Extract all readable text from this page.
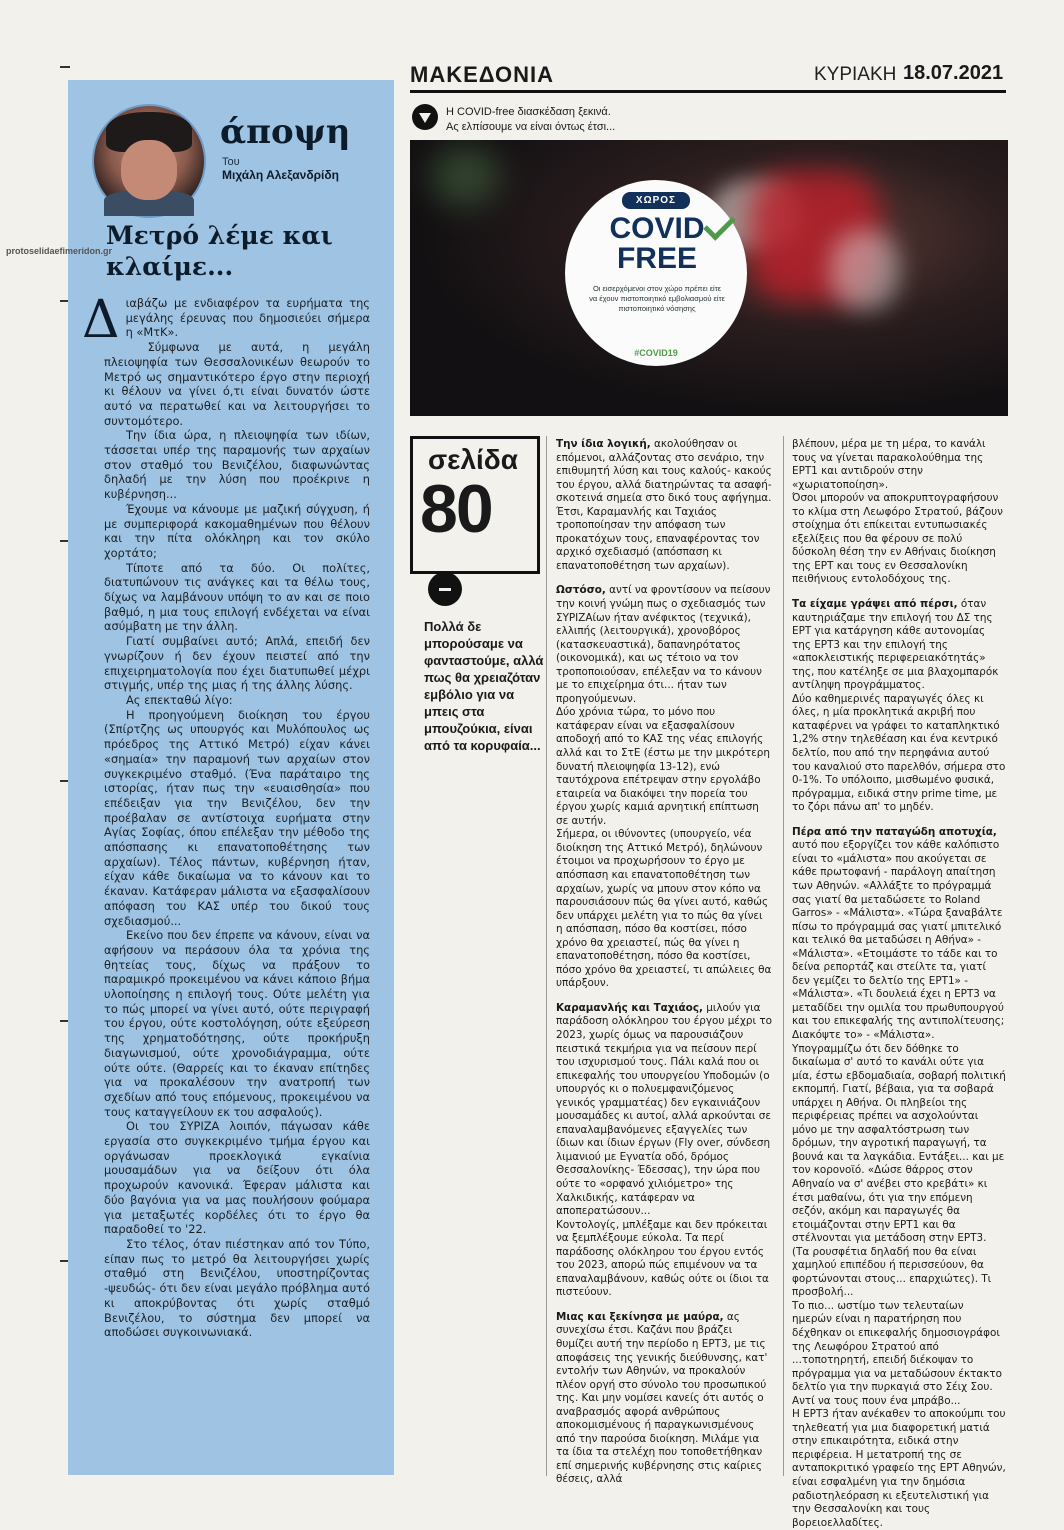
άποψη
Του
Μιχάλη Αλεξανδρίδη
protoselidaefimeridon.gr
Μετρό λέμε και κλαίμε...

Διαβάζω με ενδιαφέρον τα ευρήματα της μεγάλης έρευνας που δημοσιεύει σήμερα η «ΜτΚ».

Σύμφωνα με αυτά, η μεγάλη πλειοψηφία των Θεσσαλονικέων θεωρούν το Μετρό ως σημαντικότερο έργο στην περιοχή κι θέλουν να γίνει ό,τι είναι δυνατόν ώστε αυτό να περατωθεί και να λειτουργήσει το συντομότερο.

Την ίδια ώρα, η πλειοψηφία των ιδίων, τάσσεται υπέρ της παραμονής των αρχαίων στον σταθμό του Βενιζέλου, διαφωνώντας δηλαδή με την λύση που προέκρινε η κυβέρνηση...

Έχουμε να κάνουμε με μαζική σύγχυση, ή με συμπεριφορά κακομαθημένων που θέλουν και την πίτα ολόκληρη και τον σκύλο χορτάτο;

Τίποτε από τα δύο. Οι πολίτες, διατυπώνουν τις ανάγκες και τα θέλω τους, δίχως να λαμβάνουν υπόψη το αν και σε ποιο βαθμό, η μια τους επιλογή ενδέχεται να είναι ασύμβατη με την άλλη.

Γιατί συμβαίνει αυτό; Απλά, επειδή δεν γνωρίζουν ή δεν έχουν πειστεί από την επιχειρηματολογία που έχει διατυπωθεί μέχρι στιγμής, υπέρ της μιας ή της άλλης λύσης.

Ας επεκταθώ λίγο:

Η προηγούμενη διοίκηση του έργου (Σπίρτζης ως υπουργός και Μυλόπουλος ως πρόεδρος της Αττικό Μετρό) είχαν κάνει «σημαία» την παραμονή των αρχαίων στον συγκεκριμένο σταθμό. (Ένα παράταιρο της ιστορίας, ήταν πως την «ευαισθησία» που επέδειξαν για την Βενιζέλου, δεν την προέβαλαν σε αντίστοιχα ευρήματα στην Αγίας Σοφίας, όπου επέλεξαν την μέθοδο της απόσπασης κι επανατοποθέτησης των αρχαίων). Τέλος πάντων, κυβέρνηση ήταν, είχαν κάθε δικαίωμα να το κάνουν και το έκαναν. Κατάφεραν μάλιστα να εξασφαλίσουν απόφαση του ΚΑΣ υπέρ του δικού τους σχεδιασμού...

Εκείνο που δεν έπρεπε να κάνουν, είναι να αφήσουν να περάσουν όλα τα χρόνια της θητείας τους, δίχως να πράξουν το παραμικρό προκειμένου να κάνει κάποιο βήμα υλοποίησης η επιλογή τους. Ούτε μελέτη για το πώς μπορεί να γίνει αυτό, ούτε περιγραφή του έργου, ούτε κοστολόγηση, ούτε εξεύρεση της χρηματοδότησης, ούτε προκήρυξη διαγωνισμού, ούτε χρονοδιάγραμμα, ούτε ούτε ούτε. (Θαρρείς και το έκαναν επίτηδες για να προκαλέσουν την ανατροπή των σχεδίων από τους επόμενους, προκειμένου να τους καταγγείλουν εκ του ασφαλούς).

Οι του ΣΥΡΙΖΑ λοιπόν, πάγωσαν κάθε εργασία στο συγκεκριμένο τμήμα έργου και οργάνωσαν προεκλογικά εγκαίνια μουσαμάδων για να δείξουν ότι όλα προχωρούν κανονικά. Έφεραν μάλιστα και δύο βαγόνια για να μας πουλήσουν φούμαρα για μεταξωτές κορδέλες ότι το έργο θα παραδοθεί το '22.

Στο τέλος, όταν πιέστηκαν από τον Τύπο, είπαν πως το μετρό θα λειτουργήσει χωρίς σταθμό στη Βενιζέλου, υποστηρίζοντας -ψευδώς- ότι δεν είναι μεγάλο πρόβλημα αυτό κι αποκρύβοντας ότι χωρίς σταθμό Βενιζέλου, το σύστημα δεν μπορεί να αποδώσει συγκοινωνιακά.

ΜΑΚΕΔΟΝΙΑ	ΚΥΡΙΑΚΗ 18.07.2021
Η COVID-free διασκέδαση ξεκινά.
Ας ελπίσουμε να είναι όντως έτσι...
ΧΩΡΟΣ
COVID
FREE
Οι εισερχόμενοι στον χώρο πρέπει είτε να έχουν πιστοποιητικό εμβολιασμού είτε πιστοποιητικό νόσησης
#COVID19
σελίδα
80
Πολλά δε μπορούσαμε να φανταστούμε, αλλά πως θα χρειαζόταν εμβόλιο για να μπεις στα μπουζούκια, είναι από τα κορυφαία...

Την ίδια λογική, ακολούθησαν οι επόμενοι, αλλάζοντας στο σενάριο, την επιθυμητή λύση και τους καλούς- κακούς του έργου, αλλά διατηρώντας τα ασαφή- σκοτεινά σημεία στο δικό τους αφήγημα. Έτσι, Καραμανλής και Ταχιάος τροποποίησαν την απόφαση των προκατόχων τους, επαναφέροντας τον αρχικό σχεδιασμό (απόσπαση κι επανατοποθέτηση των αρχαίων).

Ωστόσο, αντί να φροντίσουν να πείσουν την κοινή γνώμη πως ο σχεδιασμός των ΣΥΡΙΖΑίων ήταν ανέφικτος (τεχνικά), ελλιπής (λειτουργικά), χρονοβόρος (κατασκευαστικά), δαπανηρότατος (οικονομικά), και ως τέτοιο να τον τροποποιούσαν, επέλεξαν να το κάνουν με το επιχείρημα ότι... ήταν των προηγούμενων.

Δύο χρόνια τώρα, το μόνο που κατάφεραν είναι να εξασφαλίσουν αποδοχή από το ΚΑΣ της νέας επιλογής αλλά και το ΣτΕ (έστω με την μικρότερη δυνατή πλειοψηφία 13-12), ενώ ταυτόχρονα επέτρεψαν στην εργολάβο εταιρεία να διακόψει την πορεία του έργου χωρίς καμιά αρνητική επίπτωση σε αυτήν.

Σήμερα, οι ιθύνοντες (υπουργείο, νέα διοίκηση της Αττικό Μετρό), δηλώνουν έτοιμοι να προχωρήσουν το έργο με απόσπαση και επανατοποθέτηση των αρχαίων, χωρίς να μπουν στον κόπο να παρουσιάσουν πώς θα γίνει αυτό, καθώς δεν υπάρχει μελέτη για το πώς θα γίνει η απόσπαση, πόσο θα κοστίσει, πόσο χρόνο θα χρειαστεί, πώς θα γίνει η επανατοποθέτηση, πόσο θα κοστίσει, πόσο χρόνο θα χρειαστεί, τι απώλειες θα υπάρξουν.

Καραμανλής και Ταχιάος, μιλούν για παράδοση ολόκληρου του έργου μέχρι το 2023, χωρίς όμως να παρουσιάζουν πειστικά τεκμήρια για να πείσουν περί του ισχυρισμού τους. Πάλι καλά που οι επικεφαλής του υπουργείου Υποδομών (ο υπουργός κι ο πολυεμφανιζόμενος γενικός γραμματέας) δεν εγκαινιάζουν μουσαμάδες κι αυτοί, αλλά αρκούνται σε επαναλαμβανόμενες εξαγγελίες των ίδιων και ίδιων έργων (Fly over, σύνδεση λιμανιού με Εγνατία οδό, δρόμος Θεσσαλονίκης- Έδεσσας), την ώρα που ούτε το «ορφανό χιλιόμετρο» της Χαλκιδικής, κατάφεραν να αποπερατώσουν...

Κοντολογίς, μπλέξαμε και δεν πρόκειται να ξεμπλέξουμε εύκολα. Τα περί παράδοσης ολόκληρου του έργου εντός του 2023, απορώ πώς επιμένουν να τα επαναλαμβάνουν, καθώς ούτε οι ίδιοι τα πιστεύουν.

Μιας και ξεκίνησα με μαύρα, ας συνεχίσω έτσι. Καζάνι που βράζει θυμίζει αυτή την περίοδο η ΕΡΤ3, με τις αποφάσεις της γενικής διεύθυνσης, κατ' εντολήν των Αθηνών, να προκαλούν πλέον οργή στο σύνολο του προσωπικού της. Και μην νομίσει κανείς ότι αυτός ο αναβρασμός αφορά ανθρώπους αποκομισμένους ή παραγκωνισμένους από την παρούσα διοίκηση. Μιλάμε για τα ίδια τα στελέχη που τοποθετήθηκαν επί σημερινής κυβέρνησης στις καίριες θέσεις, αλλά

βλέπουν, μέρα με τη μέρα, το κανάλι τους να γίνεται παρακολούθημα της ΕΡΤ1 και αντιδρούν στην «χωριατοποίηση».

Όσοι μπορούν να αποκρυπτογραφήσουν το κλίμα στη Λεωφόρο Στρατού, βάζουν στοίχημα ότι επίκειται εντυπωσιακές εξελίξεις που θα φέρουν σε πολύ δύσκολη θέση την εν Αθήναις διοίκηση της ΕΡΤ και τους εν Θεσσαλονίκη πειθήνιους εντολοδόχους της.

Τα είχαμε γράψει από πέρσι, όταν καυτηριάζαμε την επιλογή του ΔΣ της ΕΡΤ για κατάργηση κάθε αυτονομίας της ΕΡΤ3 και την επιλογή της «αποκλειστικής περιφερειακότητάς» της, που κατέληξε σε μια βλαχομπαρόκ αντίληψη προγράμματος.

Δύο καθημερινές παραγωγές όλες κι όλες, η μία προκλητικά ακριβή που καταφέρνει να γράφει το καταπληκτικό 1,2% στην τηλεθέαση και ένα κεντρικό δελτίο, που από την περηφάνια αυτού του καναλιού στο παρελθόν, σήμερα στο 0-1%. Το υπόλοιπο, μισθωμένο φυσικά, πρόγραμμα, ειδικά στην prime time, με το ζόρι πάνω απ' το μηδέν.

Πέρα από την παταγώδη αποτυχία, αυτό που εξοργίζει τον κάθε καλόπιστο είναι το «μάλιστα» που ακούγεται σε κάθε πρωτοφανή - παράλογη απαίτηση των Αθηνών. «Αλλάξτε το πρόγραμμά σας γιατί θα μεταδώσετε το Roland Garros» - «Μάλιστα». «Τώρα ξαναβάλτε πίσω το πρόγραμμά σας γιατί μπιτελικό και τελικό θα μεταδώσει η Αθήνα» - «Μάλιστα». «Ετοιμάστε το τάδε και το δείνα ρεπορτάζ και στείλτε τα, γιατί δεν γεμίζει το δελτίο της ΕΡΤ1» - «Μάλιστα». «Τι δουλειά έχει η ΕΡΤ3 να μεταδίδει την ομιλία του πρωθυπουργού και του επικεφαλής της αντιπολίτευσης; Διακόψτε το» - «Μάλιστα». Υπογραμμίζω ότι δεν δόθηκε το δικαίωμα σ' αυτό το κανάλι ούτε για μία, έστω εβδομαδιαία, σοβαρή πολιτική εκπομπή. Γιατί, βέβαια, για τα σοβαρά υπάρχει η Αθήνα. Οι πληβείοι της περιφέρειας πρέπει να ασχολούνται μόνο με την ασφαλτόστρωση των δρόμων, την αγροτική παραγωγή, τα βουνά και τα λαγκάδια. Εντάξει... και με τον κορονοϊό. «Δώσε θάρρος στον Αθηναίο να σ' ανέβει στο κρεβάτι» κι έτσι μαθαίνω, ότι για την επόμενη σεζόν, ακόμη και παραγωγές θα ετοιμάζονται στην ΕΡΤ1 και θα στέλνονται για μετάδοση στην ΕΡΤ3. (Τα ρουσφέτια δηλαδή που θα είναι χαμηλού επιπέδου ή περισσεύουν, θα φορτώνονται στους... επαρχιώτες). Τι προσβολή...

Το πιο... ωστίμο των τελευταίων ημερών είναι η παρατήρηση που δέχθηκαν οι επικεφαλής δημοσιογράφοι της Λεωφόρου Στρατού από ...τοποτηρητή, επειδή διέκοψαν το πρόγραμμα για να μεταδώσουν έκτακτο δελτίο για την πυρκαγιά στο Σέιχ Σου. Αντί να τους πουν ένα μπράβο...

Η ΕΡΤ3 ήταν ανέκαθεν το αποκούμπι του τηλεθεατή για μια διαφορετική ματιά στην επικαιρότητα, ειδικά στην περιφέρεια. Η μετατροπή της σε ανταποκριτικό γραφείο της ΕΡΤ Αθηνών, είναι εσφαλμένη για την δημόσια ραδιοτηλεόραση κι εξευτελιστική για την Θεσσαλονίκη και τους βορειοελλαδίτες.
